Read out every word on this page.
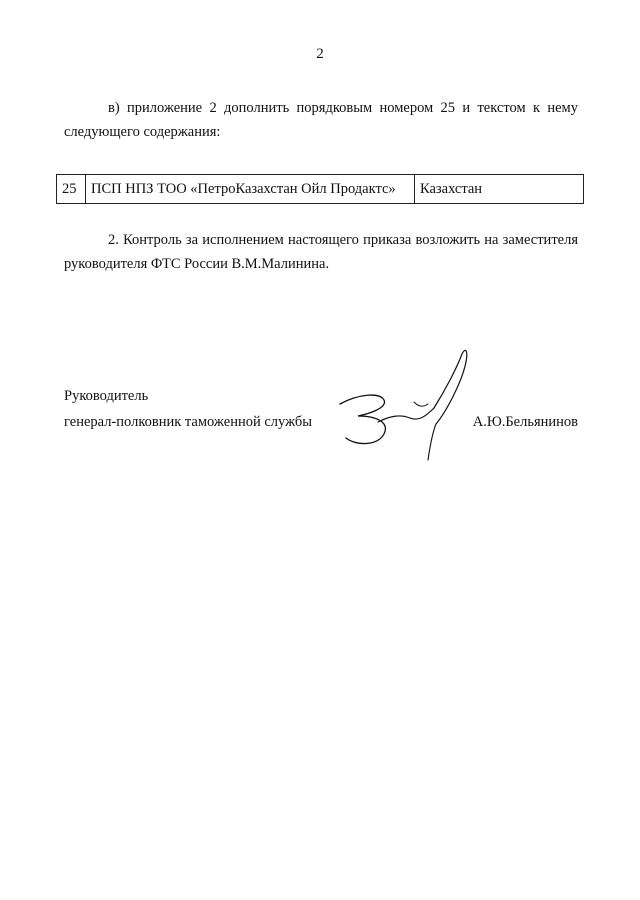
2
в) приложение 2 дополнить порядковым номером 25 и текстом к нему следующего содержания:
25	ПСП НПЗ ТОО «ПетроКазахстан Ойл Продактс»	Казахстан
2. Контроль за исполнением настоящего приказа возложить на заместителя руководителя ФТС России В.М.Малинина.
Руководитель
генерал-полковник таможенной службы	А.Ю.Бельянинов
